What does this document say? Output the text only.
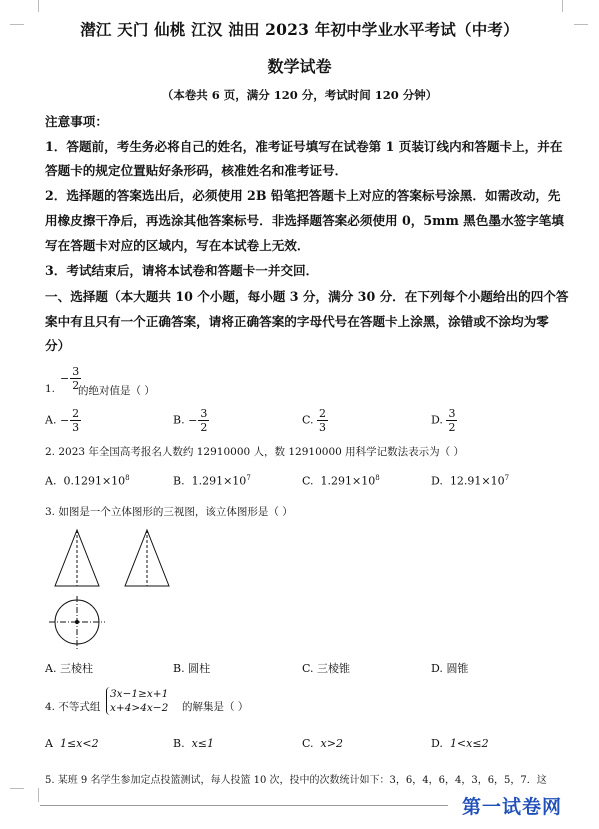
潜江 天门 仙桃 江汉 油田 2023 年初中学业水平考试（中考）
数学试卷
（本卷共 6 页，满分 120 分，考试时间 120 分钟）
注意事项：
1．答题前，考生务必将自己的姓名，准考证号填写在试卷第 1 页装订线内和答题卡上，并在
答题卡的规定位置贴好条形码，核准姓名和准考证号．
2．选择题的答案选出后，必须使用 2B 铅笔把答题卡上对应的答案标号涂黑．如需改动，先
用橡皮擦干净后，再选涂其他答案标号．非选择题答案必须使用 0，5mm 黑色墨水签字笔填
写在答题卡对应的区域内，写在本试卷上无效．
3．考试结束后，请将本试卷和答题卡一并交回．
一、选择题（本大题共 10 个小题，每小题 3 分，满分 30 分．在下列每个小题给出的四个答
案中有且只有一个正确答案，请将正确答案的字母代号在答题卡上涂黑，涂错或不涂均为零
分）
1.
− $\frac{3}{2}$
的绝对值是（ ）
A. − $\frac{2}{3}$	B. − $\frac{3}{2}$	C. $\frac{2}{3}$	D. $\frac{3}{2}$
2. 2023 年全国高考报名人数约 12910000 人，数 12910000 用科学记数法表示为（ ）
A. $0.1291\times 10^8$	B. $1.291\times 10^7$	C. $1.291\times 10^8$	D. $12.91\times 10^7$
3. 如图是一个立体图形的三视图，该立体图形是（ ）
A. 三棱柱	B. 圆柱	C. 三棱锥	D. 圆锥
4. 不等式组
3x−1≥x+1
x+4>4x−2 的解集是（ ）
A 1≤x<2	B. x≤1	C. x>2	D. 1<x≤2
5. 某班 9 名学生参加定点投篮测试，每人投篮 10 次，投中的次数统计如下：3，6，4，6，4，3，6，5，7．这
第一试卷网
